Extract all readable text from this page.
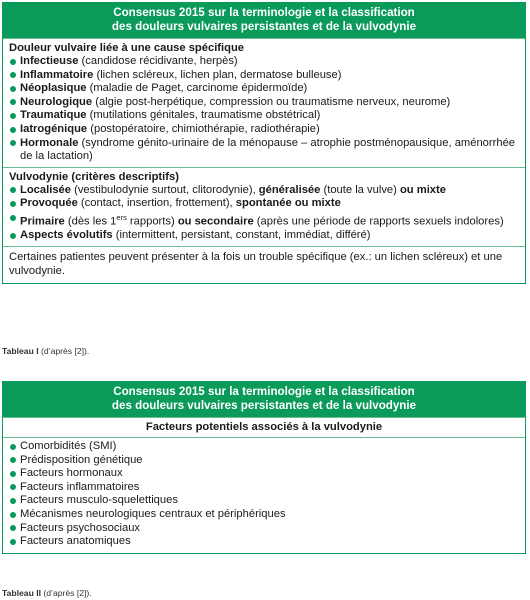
Consensus 2015 sur la terminologie et la classification
des douleurs vulvaires persistantes et de la vulvodynie
Douleur vulvaire liée à une cause spécifique
Infectieuse (candidose récidivante, herpès)
Inflammatoire (lichen scléreux, lichen plan, dermatose bulleuse)
Néoplasique (maladie de Paget, carcinome épidermoïde)
Neurologique (algie post-herpétique, compression ou traumatisme nerveux, neurome)
Traumatique (mutilations génitales, traumatisme obstétrical)
Iatrogénique (postopératoire, chimiothérapie, radiothérapie)
Hormonale (syndrome génito-urinaire de la ménopause – atrophie postménopausique, aménorrhée de la lactation)
Vulvodynie (critères descriptifs)
Localisée (vestibulodynie surtout, clitorodynie), généralisée (toute la vulve) ou mixte
Provoquée (contact, insertion, frottement), spontanée ou mixte
Primaire (dès les 1ers rapports) ou secondaire (après une période de rapports sexuels indolores)
Aspects évolutifs (intermittent, persistant, constant, immédiat, différé)
Certaines patientes peuvent présenter à la fois un trouble spécifique (ex.: un lichen scléreux) et une vulvodynie.
Tableau I (d’après [2]).
Consensus 2015 sur la terminologie et la classification
des douleurs vulvaires persistantes et de la vulvodynie
Facteurs potentiels associés à la vulvodynie
Comorbidités (SMI)
Prédisposition génétique
Facteurs hormonaux
Facteurs inflammatoires
Facteurs musculo-squelettiques
Mécanismes neurologiques centraux et périphériques
Facteurs psychosociaux
Facteurs anatomiques
Tableau II (d’après [2]).
